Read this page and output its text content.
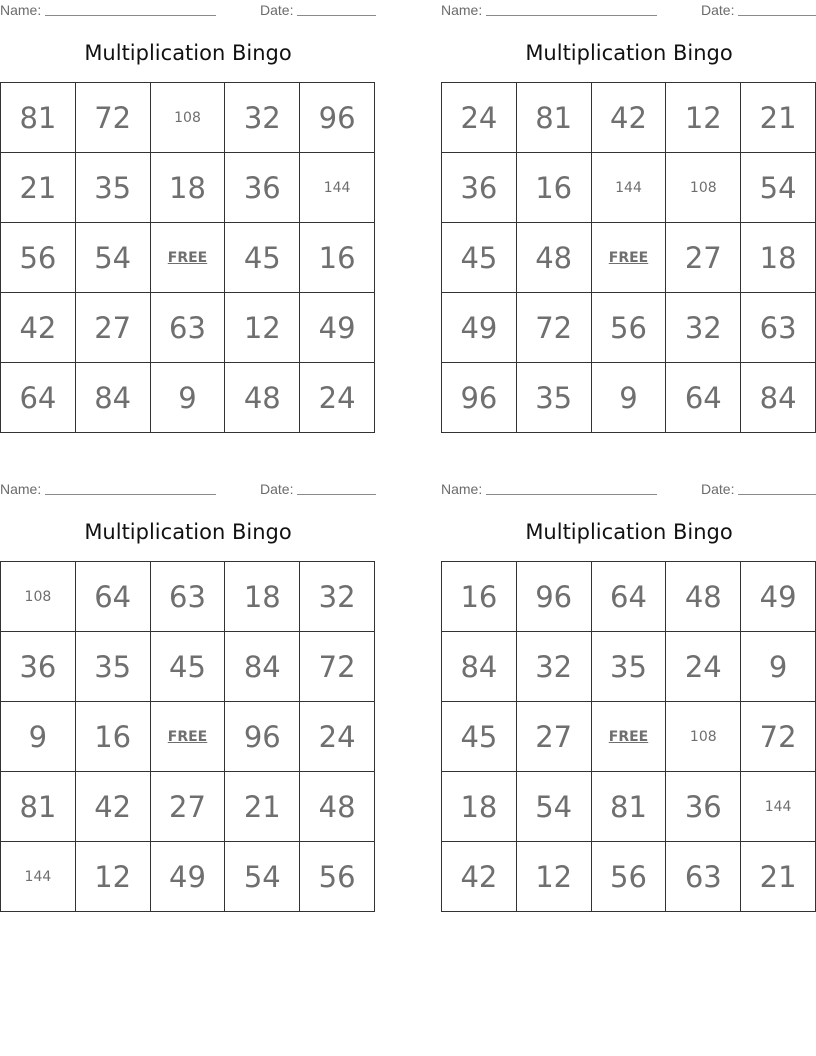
Name:	Date:
Multiplication Bingo
81	72	108	32	96
21	35	18	36	144
56	54	FREE	45	16
42	27	63	12	49
64	84	9	48	24
Name:	Date:
Multiplication Bingo
24	81	42	12	21
36	16	144	108	54
45	48	FREE	27	18
49	72	56	32	63
96	35	9	64	84
Name:	Date:
Multiplication Bingo
108	64	63	18	32
36	35	45	84	72
9	16	FREE	96	24
81	42	27	21	48
144	12	49	54	56
Name:	Date:
Multiplication Bingo
16	96	64	48	49
84	32	35	24	9
45	27	FREE	108	72
18	54	81	36	144
42	12	56	63	21
